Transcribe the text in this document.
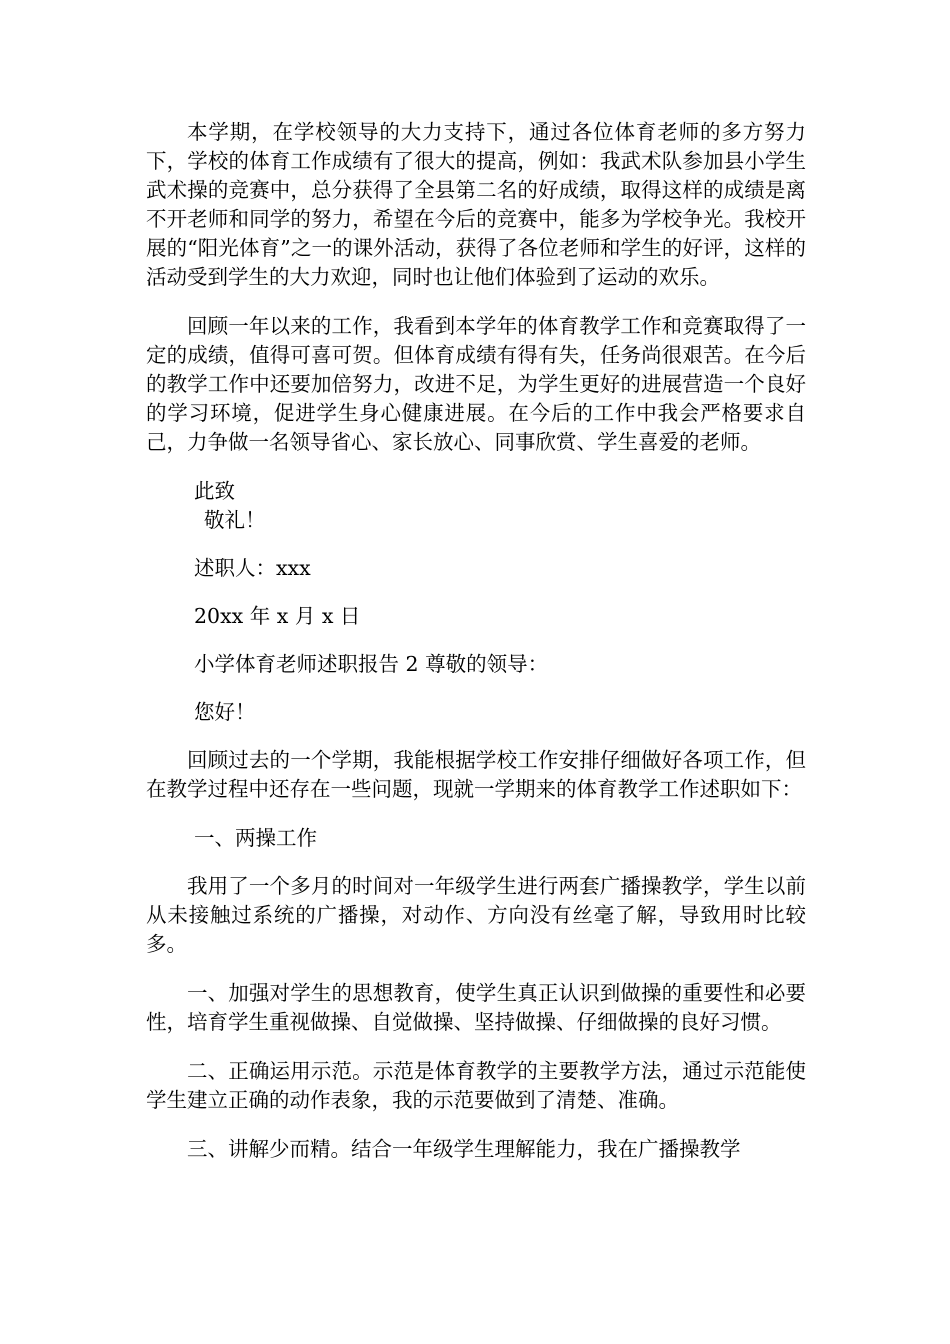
本学期，在学校领导的大力支持下，通过各位体育老师的多方努力下，学校的体育工作成绩有了很大的提高，例如：我武术队参加县小学生武术操的竞赛中，总分获得了全县第二名的好成绩，取得这样的成绩是离不开老师和同学的努力，希望在今后的竞赛中，能多为学校争光。我校开展的“阳光体育”之一的课外活动，获得了各位老师和学生的好评，这样的活动受到学生的大力欢迎，同时也让他们体验到了运动的欢乐。

回顾一年以来的工作，我看到本学年的体育教学工作和竞赛取得了一定的成绩，值得可喜可贺。但体育成绩有得有失，任务尚很艰苦。在今后的教学工作中还要加倍努力，改进不足，为学生更好的进展营造一个良好的学习环境，促进学生身心健康进展。在今后的工作中我会严格要求自己，力争做一名领导省心、家长放心、同事欣赏、学生喜爱的老师。

此致

敬礼！

述职人：xxx

20xx 年 x 月 x 日

小学体育老师述职报告 2 尊敬的领导：

您好！

回顾过去的一个学期，我能根据学校工作安排仔细做好各项工作，但在教学过程中还存在一些问题，现就一学期来的体育教学工作述职如下：

一、两操工作

我用了一个多月的时间对一年级学生进行两套广播操教学，学生以前从未接触过系统的广播操，对动作、方向没有丝毫了解，导致用时比较多。

一、加强对学生的思想教育，使学生真正认识到做操的重要性和必要性，培育学生重视做操、自觉做操、坚持做操、仔细做操的良好习惯。

二、正确运用示范。示范是体育教学的主要教学方法，通过示范能使学生建立正确的动作表象，我的示范要做到了清楚、准确。

三、讲解少而精。结合一年级学生理解能力，我在广播操教学
